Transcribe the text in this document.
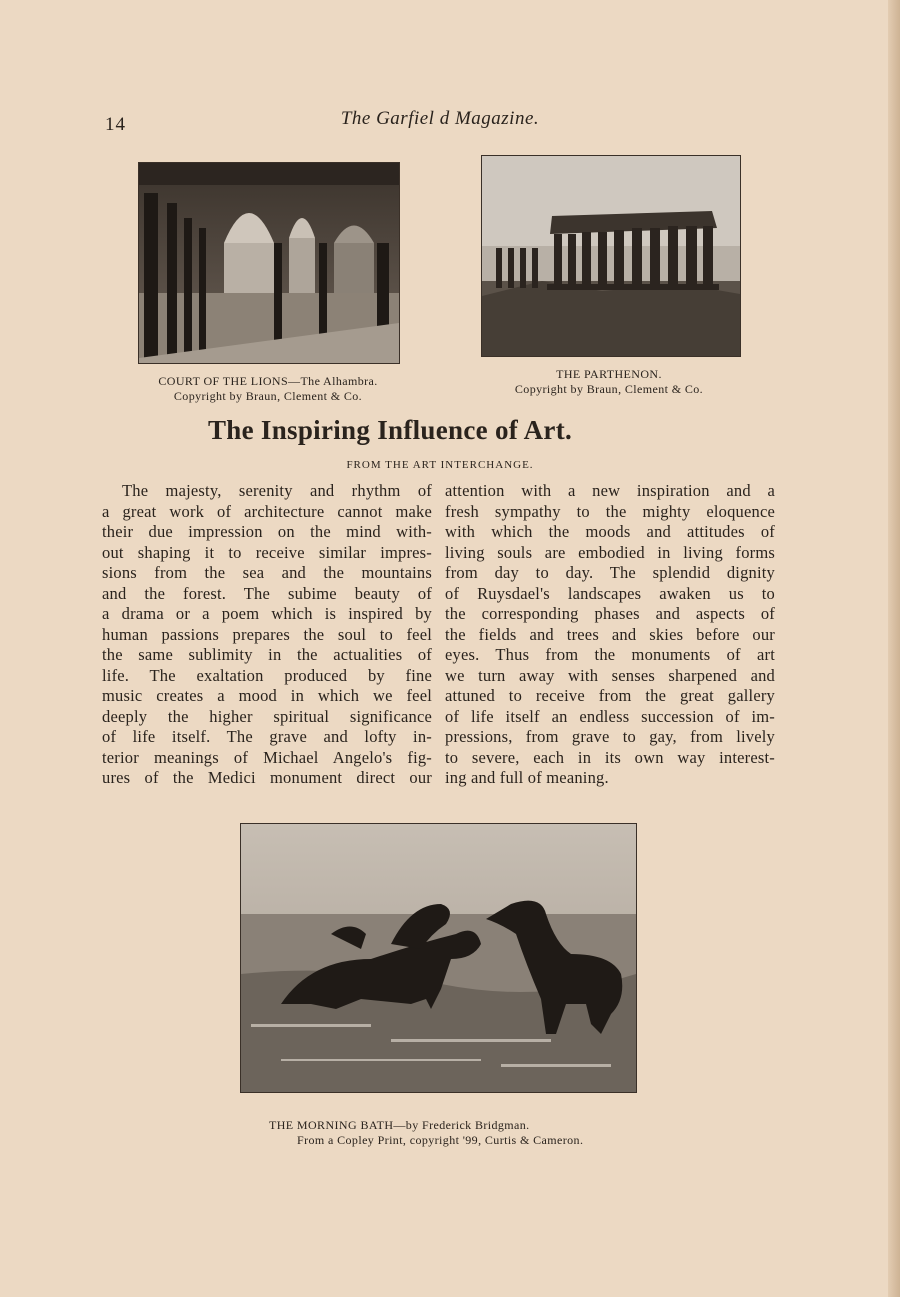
14	The Garfiel d Magazine.
COURT OF THE LIONS—The Alhambra.
Copyright by Braun, Clement & Co.
THE PARTHENON.
Copyright by Braun, Clement & Co.
The Inspiring Influence of Art.
FROM THE ART INTERCHANGE.
The majesty, serenity and rhythm of
a great work of architecture cannot make
their due impression on the mind with-
out shaping it to receive similar impres-
sions from the sea and the mountains
and the forest. The subime beauty of
a drama or a poem which is inspired by
human passions prepares the soul to feel
the same sublimity in the actualities of
life. The exaltation produced by fine
music creates a mood in which we feel
deeply the higher spiritual significance
of life itself. The grave and lofty in-
terior meanings of Michael Angelo's fig-
ures of the Medici monument direct our
attention with a new inspiration and a
fresh sympathy to the mighty eloquence
with which the moods and attitudes of
living souls are embodied in living forms
from day to day. The splendid dignity
of Ruysdael's landscapes awaken us to
the corresponding phases and aspects of
the fields and trees and skies before our
eyes. Thus from the monuments of art
we turn away with senses sharpened and
attuned to receive from the great gallery
of life itself an endless succession of im-
pressions, from grave to gay, from lively
to severe, each in its own way interest-
ing and full of meaning.
THE MORNING BATH—by Frederick Bridgman.
From a Copley Print, copyright '99, Curtis & Cameron.
